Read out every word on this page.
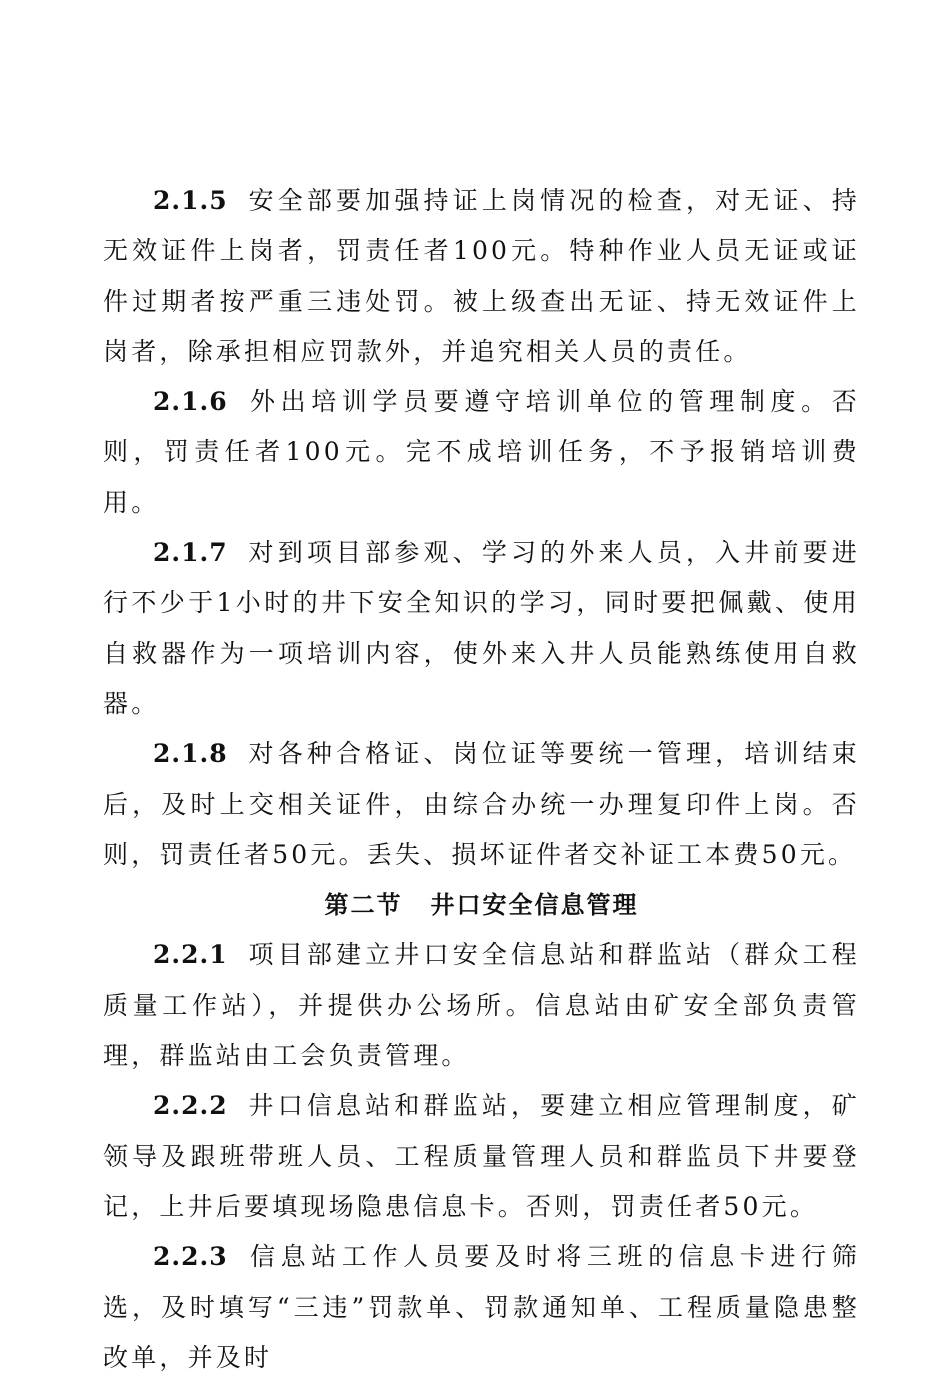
2.1.5 安全部要加强持证上岗情况的检查，对无证、持无效证件上岗者，罚责任者100元。特种作业人员无证或证件过期者按严重三违处罚。被上级查出无证、持无效证件上岗者，除承担相应罚款外，并追究相关人员的责任。

2.1.6 外出培训学员要遵守培训单位的管理制度。否则，罚责任者100元。完不成培训任务，不予报销培训费用。

2.1.7 对到项目部参观、学习的外来人员，入井前要进行不少于1小时的井下安全知识的学习，同时要把佩戴、使用自救器作为一项培训内容，使外来入井人员能熟练使用自救器。

2.1.8 对各种合格证、岗位证等要统一管理，培训结束后，及时上交相关证件，由综合办统一办理复印件上岗。否则，罚责任者50元。丢失、损坏证件者交补证工本费50元。

第二节 井口安全信息管理

2.2.1 项目部建立井口安全信息站和群监站（群众工程质量工作站），并提供办公场所。信息站由矿安全部负责管理，群监站由工会负责管理。

2.2.2 井口信息站和群监站，要建立相应管理制度，矿领导及跟班带班人员、工程质量管理人员和群监员下井要登记，上井后要填现场隐患信息卡。否则，罚责任者50元。

2.2.3 信息站工作人员要及时将三班的信息卡进行筛选，及时填写“三违”罚款单、罚款通知单、工程质量隐患整改单，并及时
